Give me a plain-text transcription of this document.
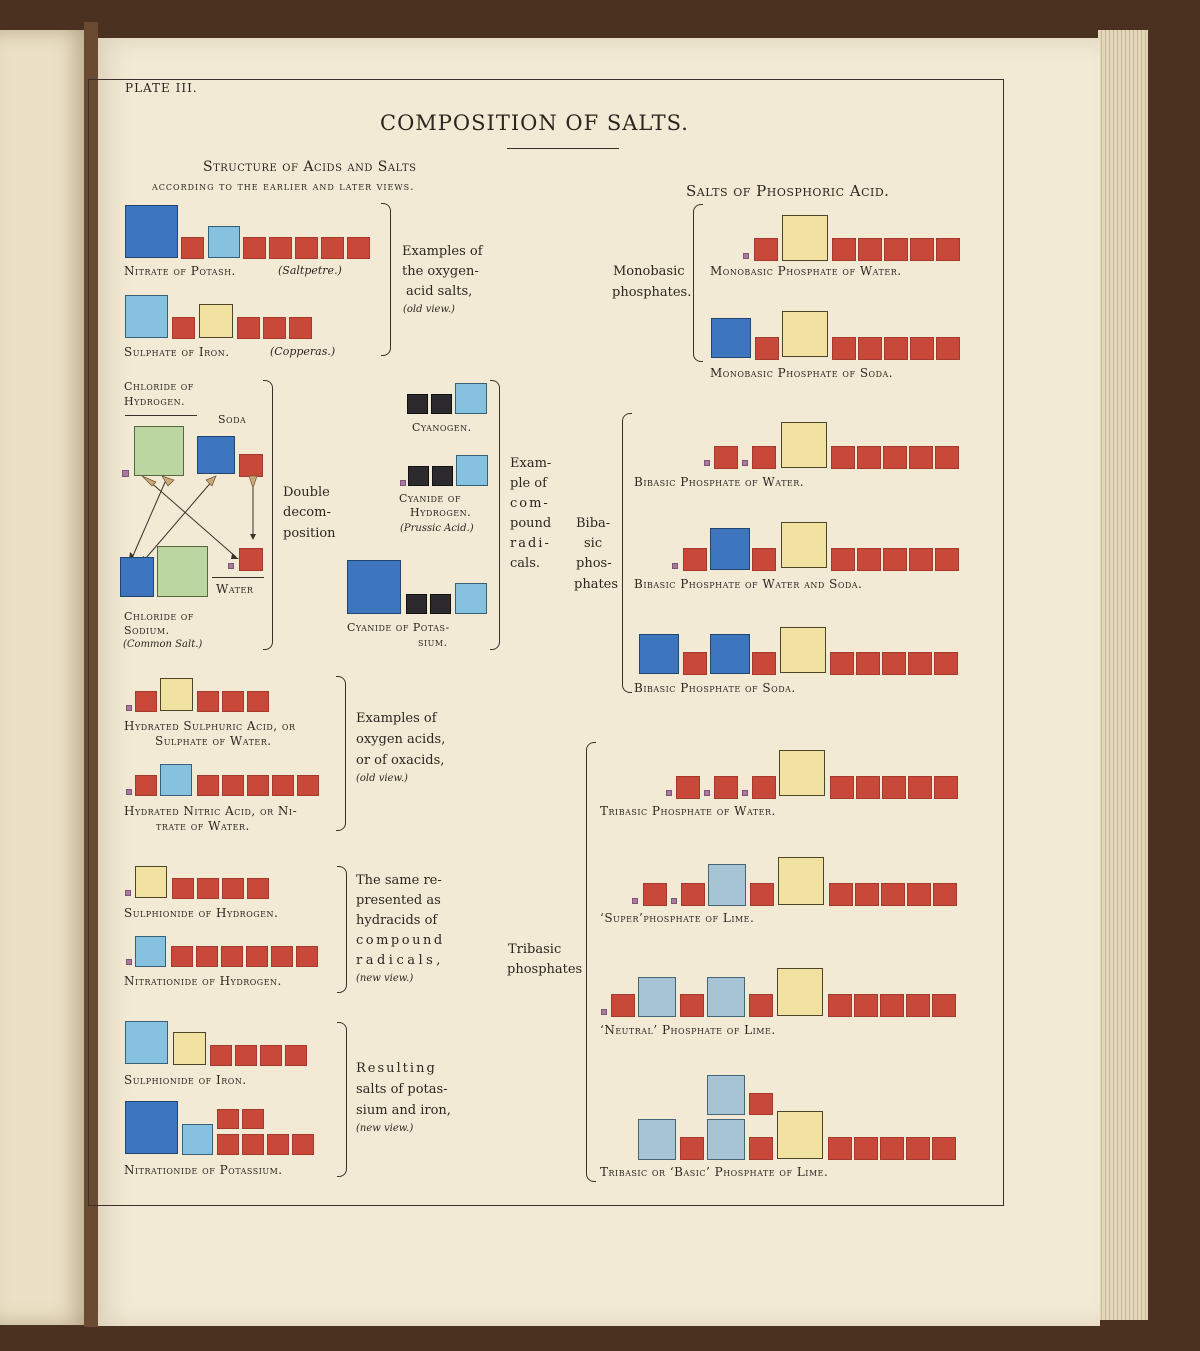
PLATE III.
COMPOSITION OF SALTS.
Structure of Acids and Salts
according to the earlier and later views.	Salts of Phosphoric Acid.
Nitrate of Potash.	(Saltpetre.)
Sulphate of Iron.	(Copperas.)
Examples of
the oxygen-
acid salts,
(old view.)
Chloride of
Hydrogen.
Soda
Water
Chloride of
Sodium.
(Common Salt.)
Double
decom-
position
Cyanogen.
Cyanide of
Hydrogen.
(Prussic Acid.)
Cyanide of Potas-
sium.
Exam-
ple of
com-
pound
radi-
cals.
Hydrated Sulphuric Acid, or
Sulphate of Water.
Hydrated Nitric Acid, or Ni-
trate of Water.
Examples of
oxygen acids,
or of oxacids,
(old view.)
Sulphionide of Hydrogen.
Nitrationide of Hydrogen.
The same re-
presented as
hydracids of
compound
radicals,
(new view.)
Sulphionide of Iron.
Nitrationide of Potassium.
Resulting
salts of potas-
sium and iron,
(new view.)
Monobasic
phosphates.
Monobasic Phosphate of Water.
Monobasic Phosphate of Soda.
Biba-
sic
phos-
phates
Bibasic Phosphate of Water.
Bibasic Phosphate of Water and Soda.
Bibasic Phosphate of Soda.
Tribasic
phosphates
Tribasic Phosphate of Water.
‘Super’phosphate of Lime.
‘Neutral’ Phosphate of Lime.
Tribasic or ‘Basic’ Phosphate of Lime.
